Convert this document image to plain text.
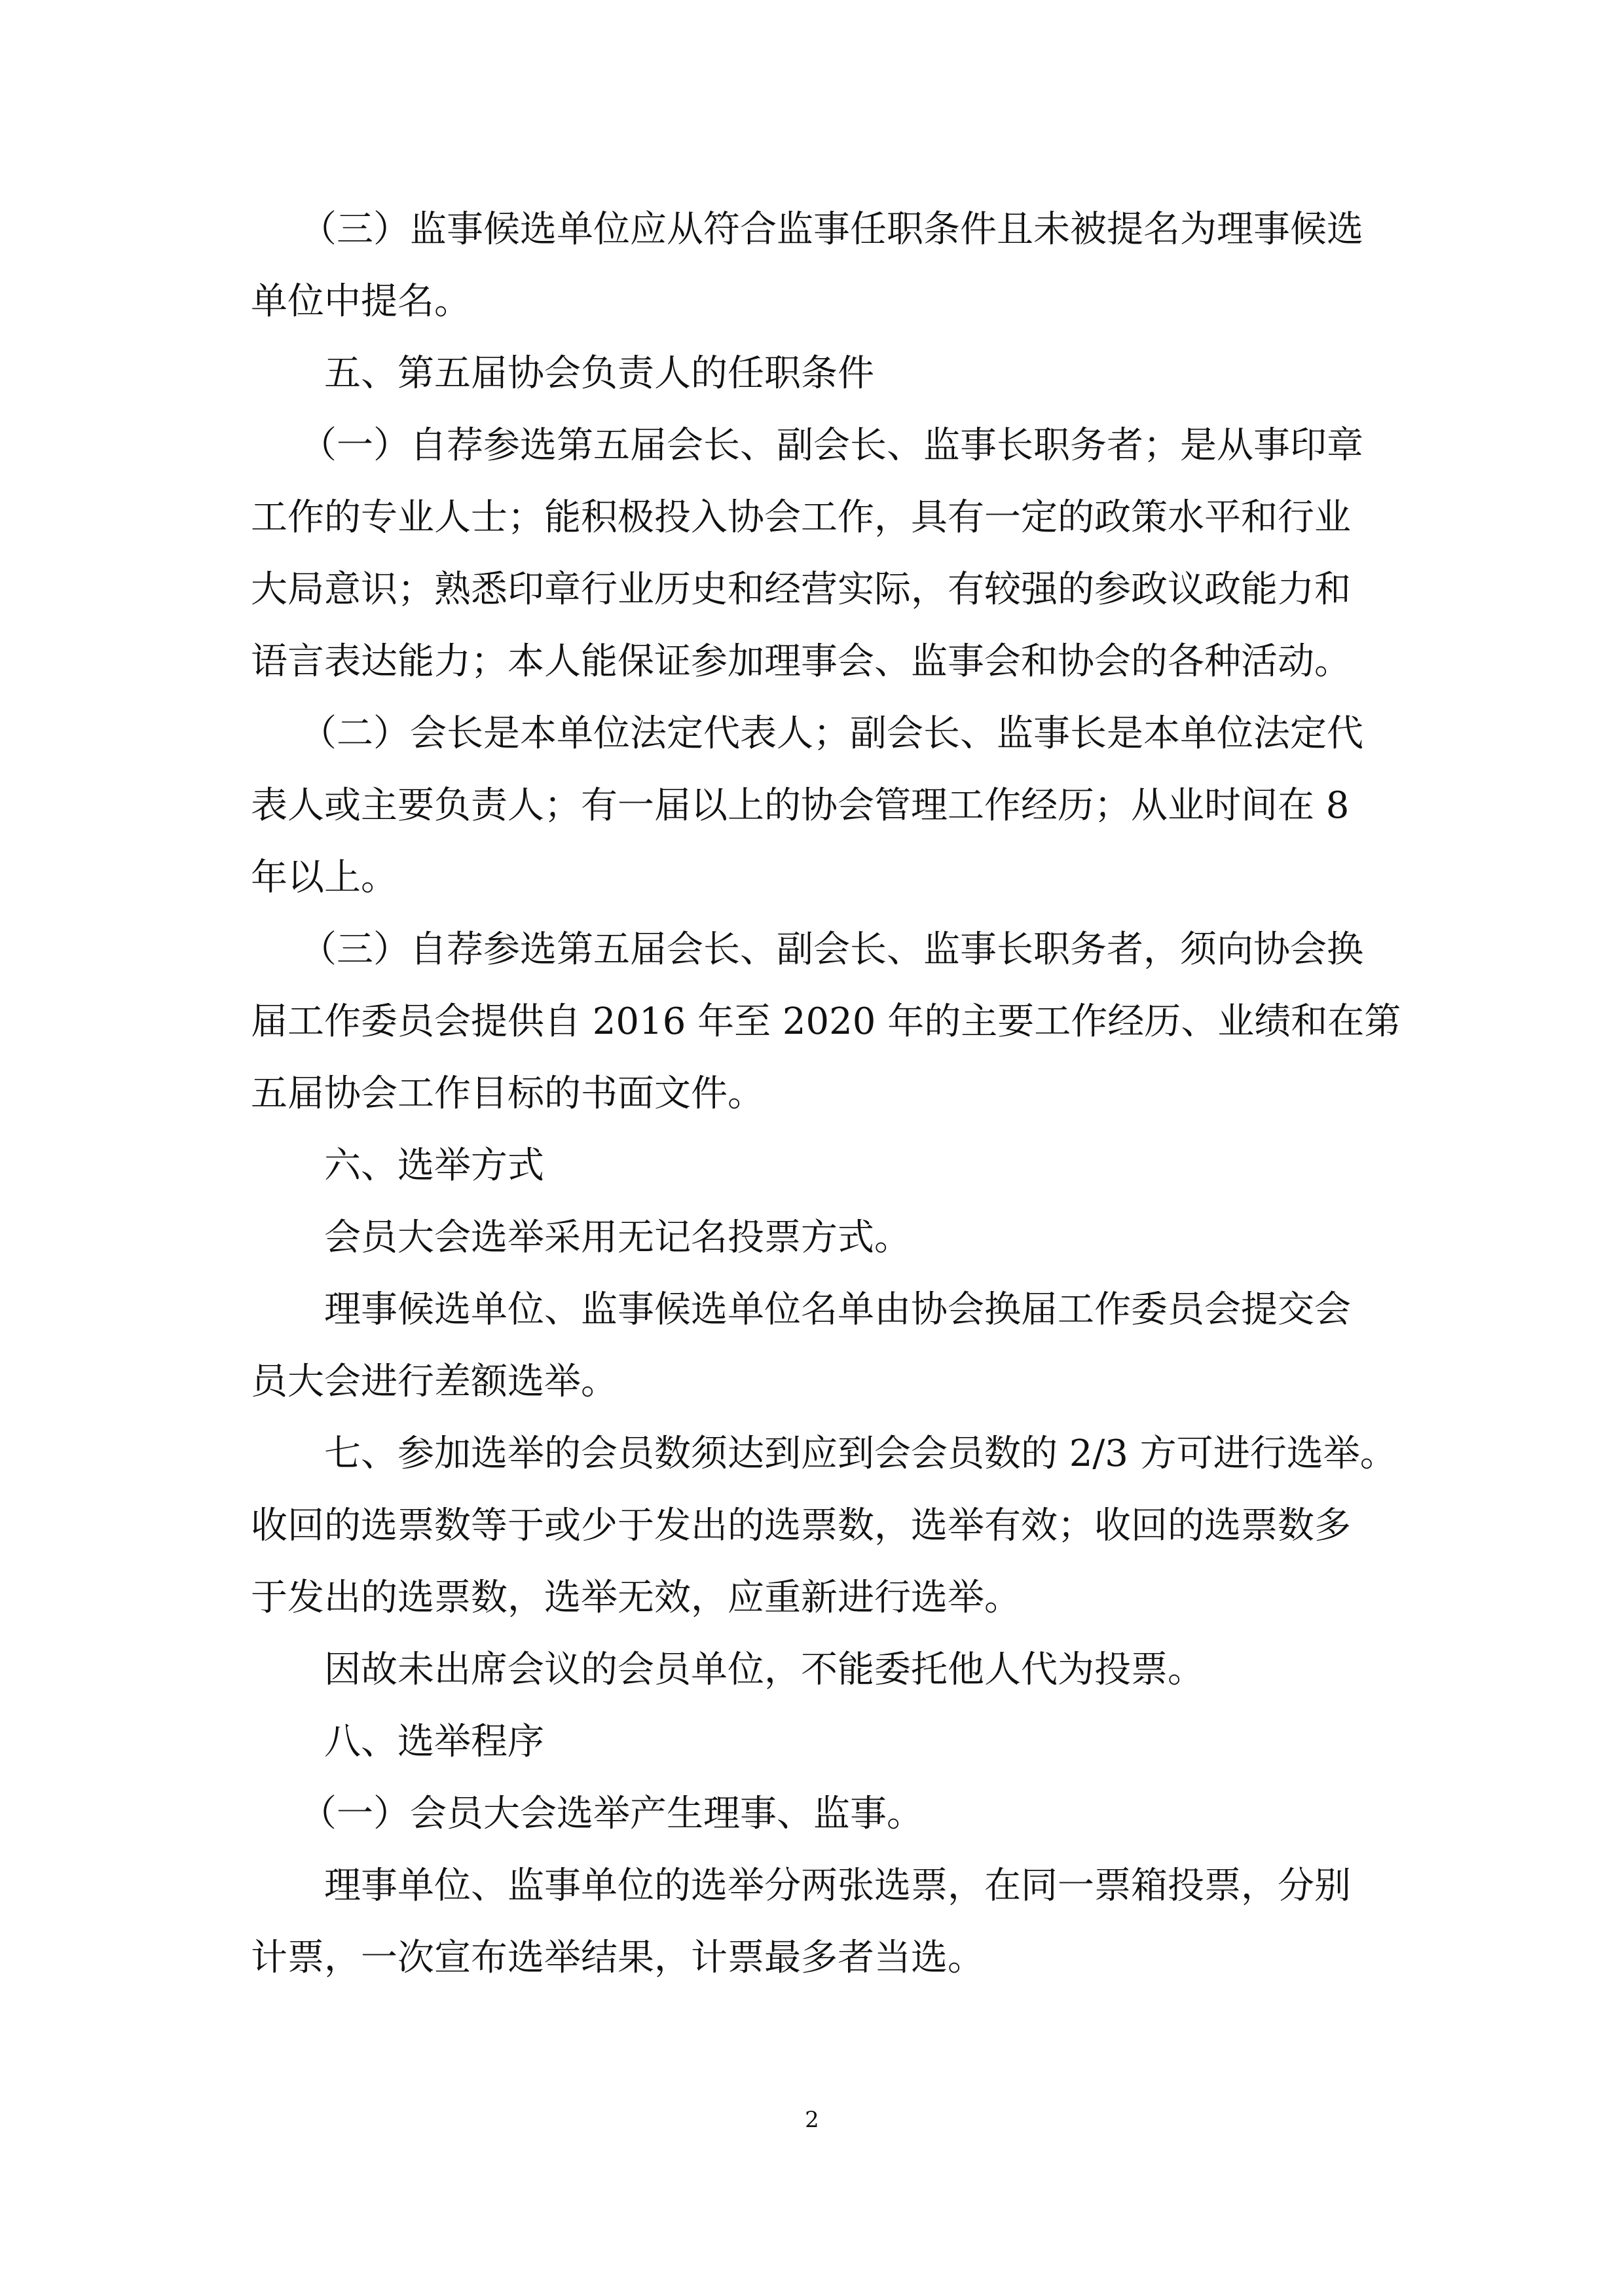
（三）监事候选单位应从符合监事任职条件且未被提名为理事候选
单位中提名。
五、第五届协会负责人的任职条件
（一）自荐参选第五届会长、副会长、监事长职务者；是从事印章
工作的专业人士；能积极投入协会工作，具有一定的政策水平和行业
大局意识；熟悉印章行业历史和经营实际，有较强的参政议政能力和
语言表达能力；本人能保证参加理事会、监事会和协会的各种活动。
（二）会长是本单位法定代表人；副会长、监事长是本单位法定代
表人或主要负责人；有一届以上的协会管理工作经历；从业时间在 8
年以上。
（三）自荐参选第五届会长、副会长、监事长职务者，须向协会换
届工作委员会提供自 2016 年至 2020 年的主要工作经历、业绩和在第
五届协会工作目标的书面文件。
六、选举方式
会员大会选举采用无记名投票方式。
理事候选单位、监事候选单位名单由协会换届工作委员会提交会
员大会进行差额选举。
七、参加选举的会员数须达到应到会会员数的 2/3 方可进行选举。
收回的选票数等于或少于发出的选票数，选举有效；收回的选票数多
于发出的选票数，选举无效，应重新进行选举。
因故未出席会议的会员单位，不能委托他人代为投票。
八、选举程序
（一）会员大会选举产生理事、监事。
理事单位、监事单位的选举分两张选票，在同一票箱投票，分别
计票，一次宣布选举结果，计票最多者当选。
2
